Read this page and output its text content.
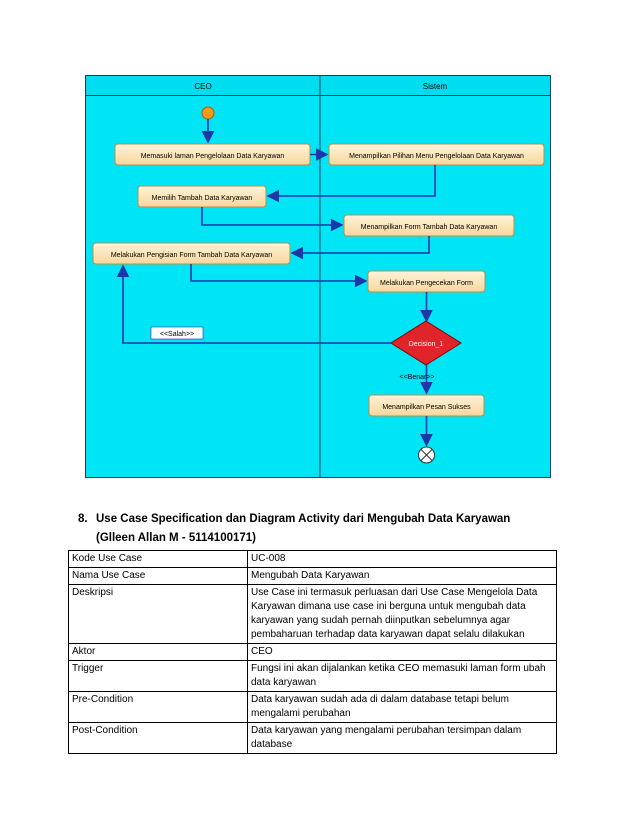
CEO	Sistem
Memasuki laman Pengelolaan Data Karyawan	Menampilkan Pilihan Menu Pengelolaan Data Karyawan
Memilih Tambah Data Karyawan
Menampilkan Form Tambah Data Karyawan
Melakukan Pengisian Form Tambah Data Karyawan
Melakukan Pengecekan Form
Menampilkan Pesan Sukses
Decision_1
<<Salah>>
<<Benar>>
8. Use Case Specification dan Diagram Activity dari Mengubah Data Karyawan
(Glleen Allan M - 5114100171)
Kode Use Case	UC-008
Nama Use Case	Mengubah Data Karyawan
Deskripsi	Use Case ini termasuk perluasan dari Use Case Mengelola Data Karyawan dimana use case ini berguna untuk mengubah data karyawan yang sudah pernah diinputkan sebelumnya agar pembaharuan terhadap data karyawan dapat selalu dilakukan
Aktor	CEO
Trigger	Fungsi ini akan dijalankan ketika CEO memasuki laman form ubah data karyawan
Pre-Condition	Data karyawan sudah ada di dalam database tetapi belum mengalami perubahan
Post-Condition	Data karyawan yang mengalami perubahan tersimpan dalam database
